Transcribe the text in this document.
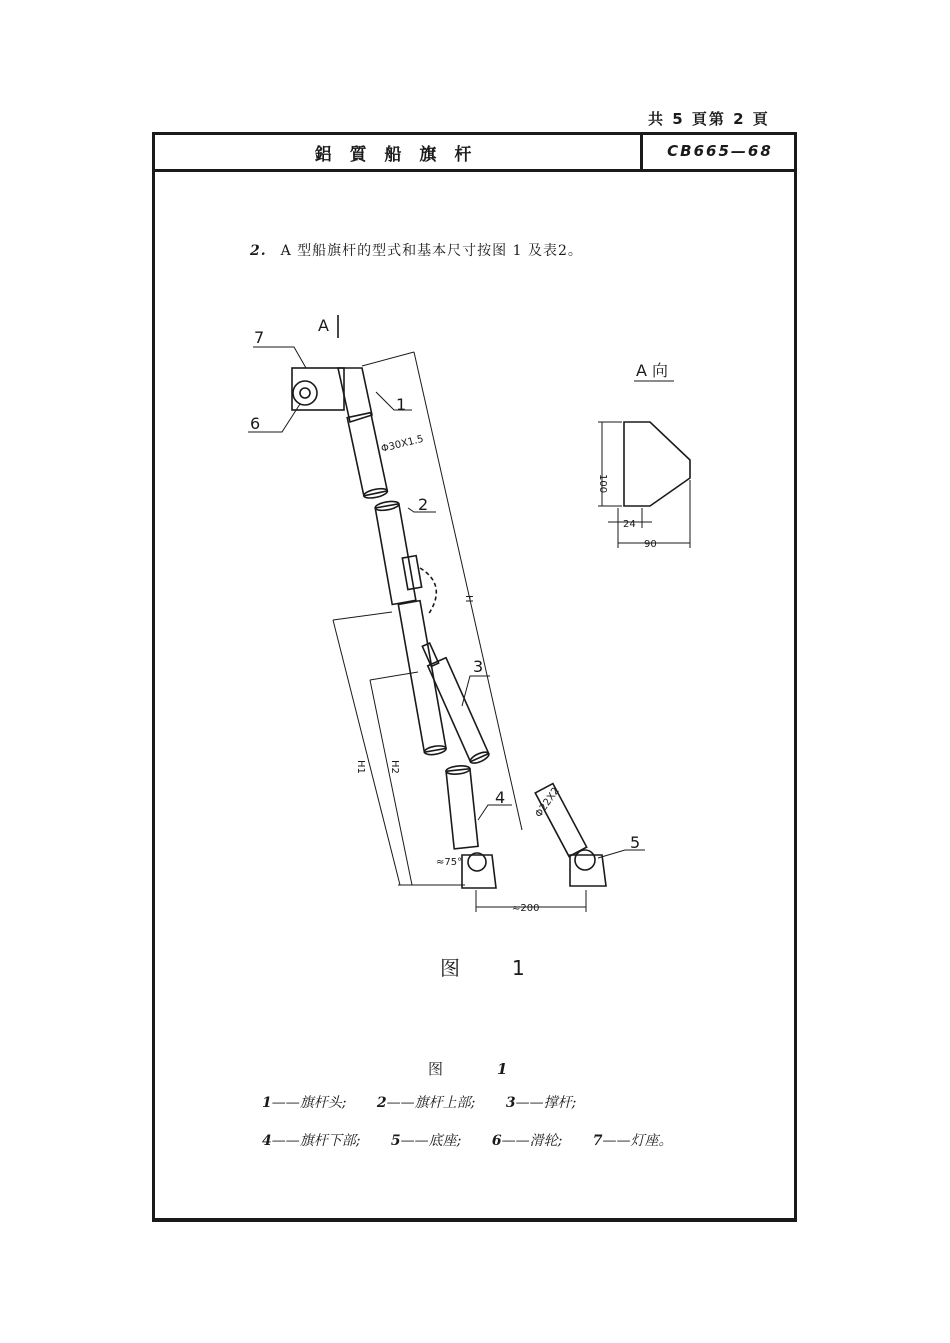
共 5 頁第 2 頁
鋁 質 船 旗 杆	CB665—68
2. A 型船旗杆的型式和基本尺寸按图 1 及表2。
A
7
6
1
2
3
4
5
A 向
Φ30X1.5
Φ22X2
H
H1 H2
≈75°
≈200
100
24
90
图	1
图	1
1——旗杆头; 2——旗杆上部; 3——撑杆;
4——旗杆下部; 5——底座; 6——滑轮; 7——灯座。
